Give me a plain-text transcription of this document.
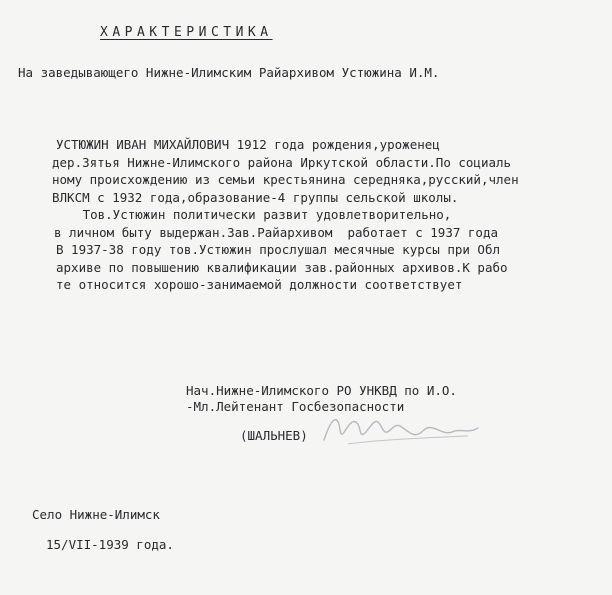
ХАРАКТЕРИСТИКА
На заведывающего Нижне-Илимским Райархивом Устюжина И.М.
УСТЮЖИН ИВАН МИХАЙЛОВИЧ 1912 года рождения,уроженец
дер.Зятья Нижне-Илимского района Иркутской области.По социаль
ному происхождению из семьи крестьянина середняка,русский,член
ВЛКСМ с 1932 года,образование-4 группы сельской школы.
Тов.Устюжин политически развит удовлетворительно,
в личном быту выдержан.Зав.Райархивом  работает с 1937 года
В 1937-38 году тов.Устюжин прослушал месячные курсы при Обл
архиве по повышению квалификации зав.районных архивов.К рабо
те относится хорошо-занимаемой должности соответствует
Нач.Нижне-Илимского РО УНКВД по И.О.
-Мл.Лейтенант Госбезопасности
(ШАЛЬНЕВ)
Село Нижне-Илимск
15/VII-1939 года.
